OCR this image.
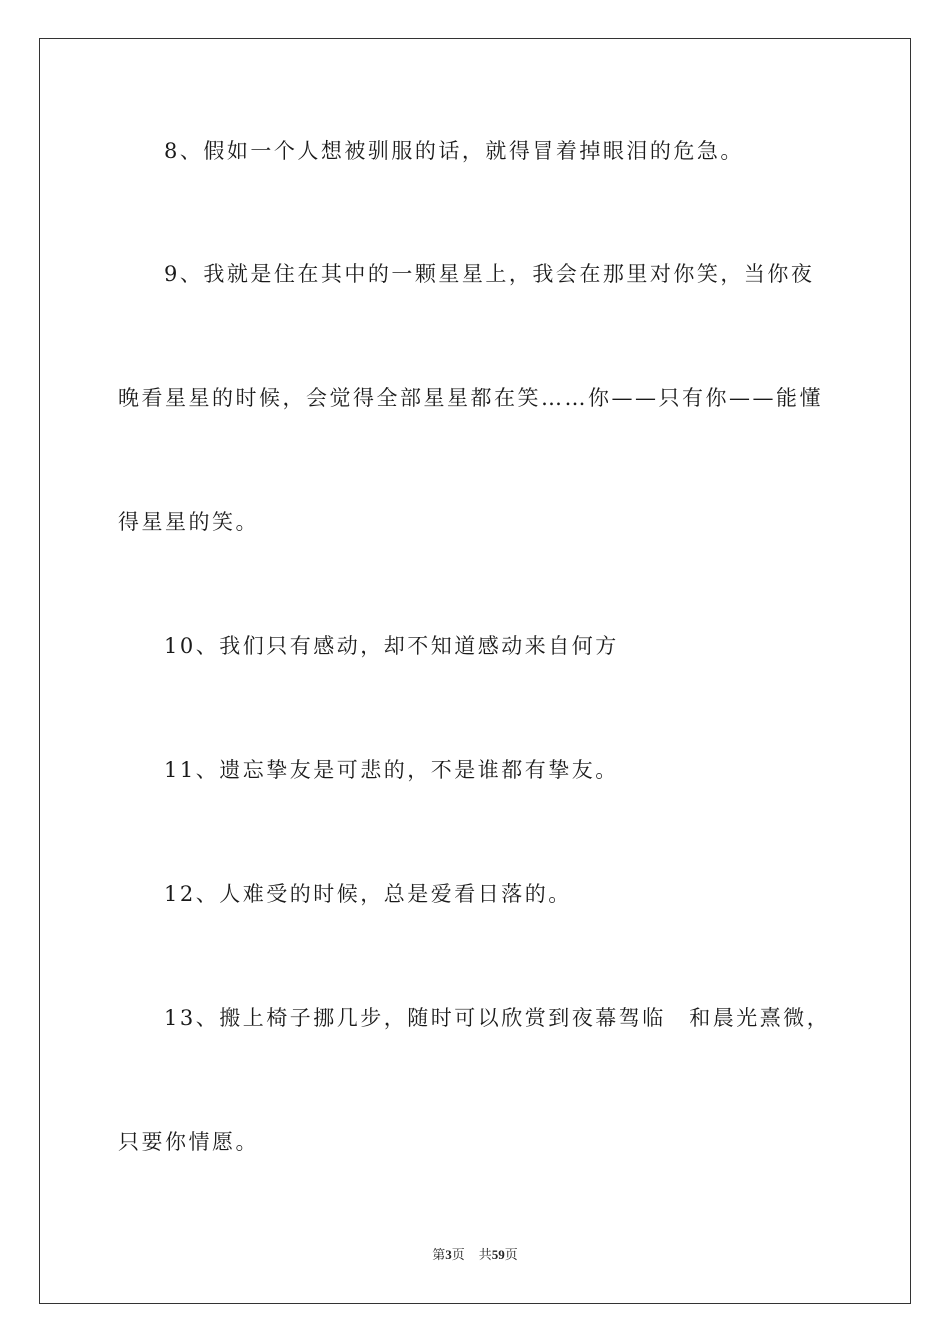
8、假如一个人想被驯服的话，就得冒着掉眼泪的危急。
9、我就是住在其中的一颗星星上，我会在那里对你笑，当你夜
晚看星星的时候，会觉得全部星星都在笑……你——只有你——能懂
得星星的笑。
10、我们只有感动，却不知道感动来自何方
11、遗忘挚友是可悲的，不是谁都有挚友。
12、人难受的时候，总是爱看日落的。
13、搬上椅子挪几步，随时可以欣赏到夜幕驾临　和晨光熹微，
只要你情愿。
第3页 共59页
